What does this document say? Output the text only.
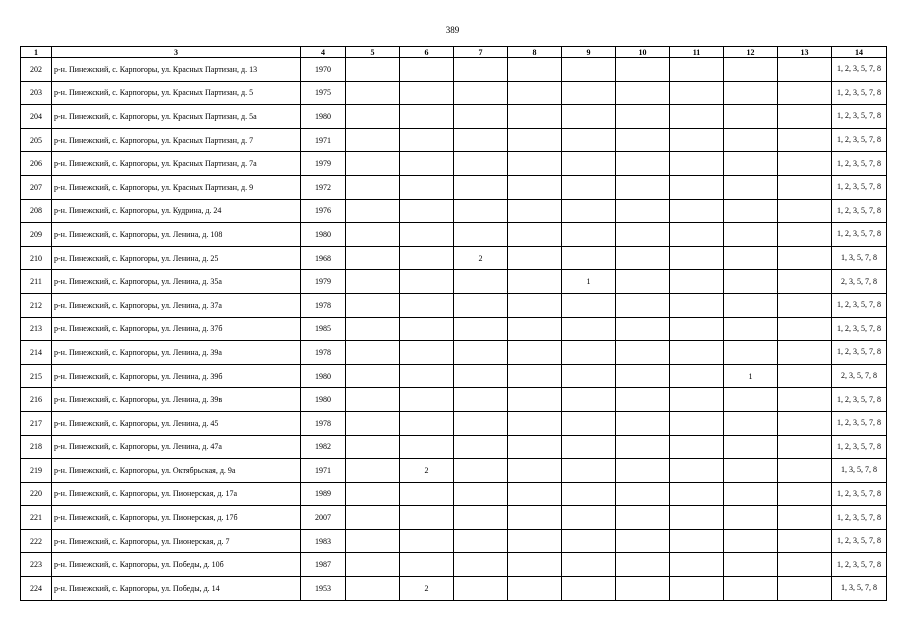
389
1	3	4	5	6	7	8	9	10	11	12	13	14
202	р-н. Пинежский, с. Карпогоры, ул. Красных Партизан, д. 13	1970										1, 2, 3, 5, 7, 8
203	р-н. Пинежский, с. Карпогоры, ул. Красных Партизан, д. 5	1975										1, 2, 3, 5, 7, 8
204	р-н. Пинежский, с. Карпогоры, ул. Красных Партизан, д. 5а	1980										1, 2, 3, 5, 7, 8
205	р-н. Пинежский, с. Карпогоры, ул. Красных Партизан, д. 7	1971										1, 2, 3, 5, 7, 8
206	р-н. Пинежский, с. Карпогоры, ул. Красных Партизан, д. 7а	1979										1, 2, 3, 5, 7, 8
207	р-н. Пинежский, с. Карпогоры, ул. Красных Партизан, д. 9	1972										1, 2, 3, 5, 7, 8
208	р-н. Пинежский, с. Карпогоры, ул. Кудрина, д. 24	1976										1, 2, 3, 5, 7, 8
209	р-н. Пинежский, с. Карпогоры, ул. Ленина, д. 108	1980										1, 2, 3, 5, 7, 8
210	р-н. Пинежский, с. Карпогоры, ул. Ленина, д. 25	1968			2							1, 3, 5, 7, 8
211	р-н. Пинежский, с. Карпогоры, ул. Ленина, д. 35а	1979					1					2, 3, 5, 7, 8
212	р-н. Пинежский, с. Карпогоры, ул. Ленина, д. 37а	1978										1, 2, 3, 5, 7, 8
213	р-н. Пинежский, с. Карпогоры, ул. Ленина, д. 37б	1985										1, 2, 3, 5, 7, 8
214	р-н. Пинежский, с. Карпогоры, ул. Ленина, д. 39а	1978										1, 2, 3, 5, 7, 8
215	р-н. Пинежский, с. Карпогоры, ул. Ленина, д. 39б	1980								1		2, 3, 5, 7, 8
216	р-н. Пинежский, с. Карпогоры, ул. Ленина, д. 39в	1980										1, 2, 3, 5, 7, 8
217	р-н. Пинежский, с. Карпогоры, ул. Ленина, д. 45	1978										1, 2, 3, 5, 7, 8
218	р-н. Пинежский, с. Карпогоры, ул. Ленина, д. 47а	1982										1, 2, 3, 5, 7, 8
219	р-н. Пинежский, с. Карпогоры, ул. Октябрьская, д. 9а	1971		2								1, 3, 5, 7, 8
220	р-н. Пинежский, с. Карпогоры, ул. Пионерская, д. 17а	1989										1, 2, 3, 5, 7, 8
221	р-н. Пинежский, с. Карпогоры, ул. Пионерская, д. 17б	2007										1, 2, 3, 5, 7, 8
222	р-н. Пинежский, с. Карпогоры, ул. Пионерская, д. 7	1983										1, 2, 3, 5, 7, 8
223	р-н. Пинежский, с. Карпогоры, ул. Победы, д. 10б	1987										1, 2, 3, 5, 7, 8
224	р-н. Пинежский, с. Карпогоры, ул. Победы, д. 14	1953		2								1, 3, 5, 7, 8
